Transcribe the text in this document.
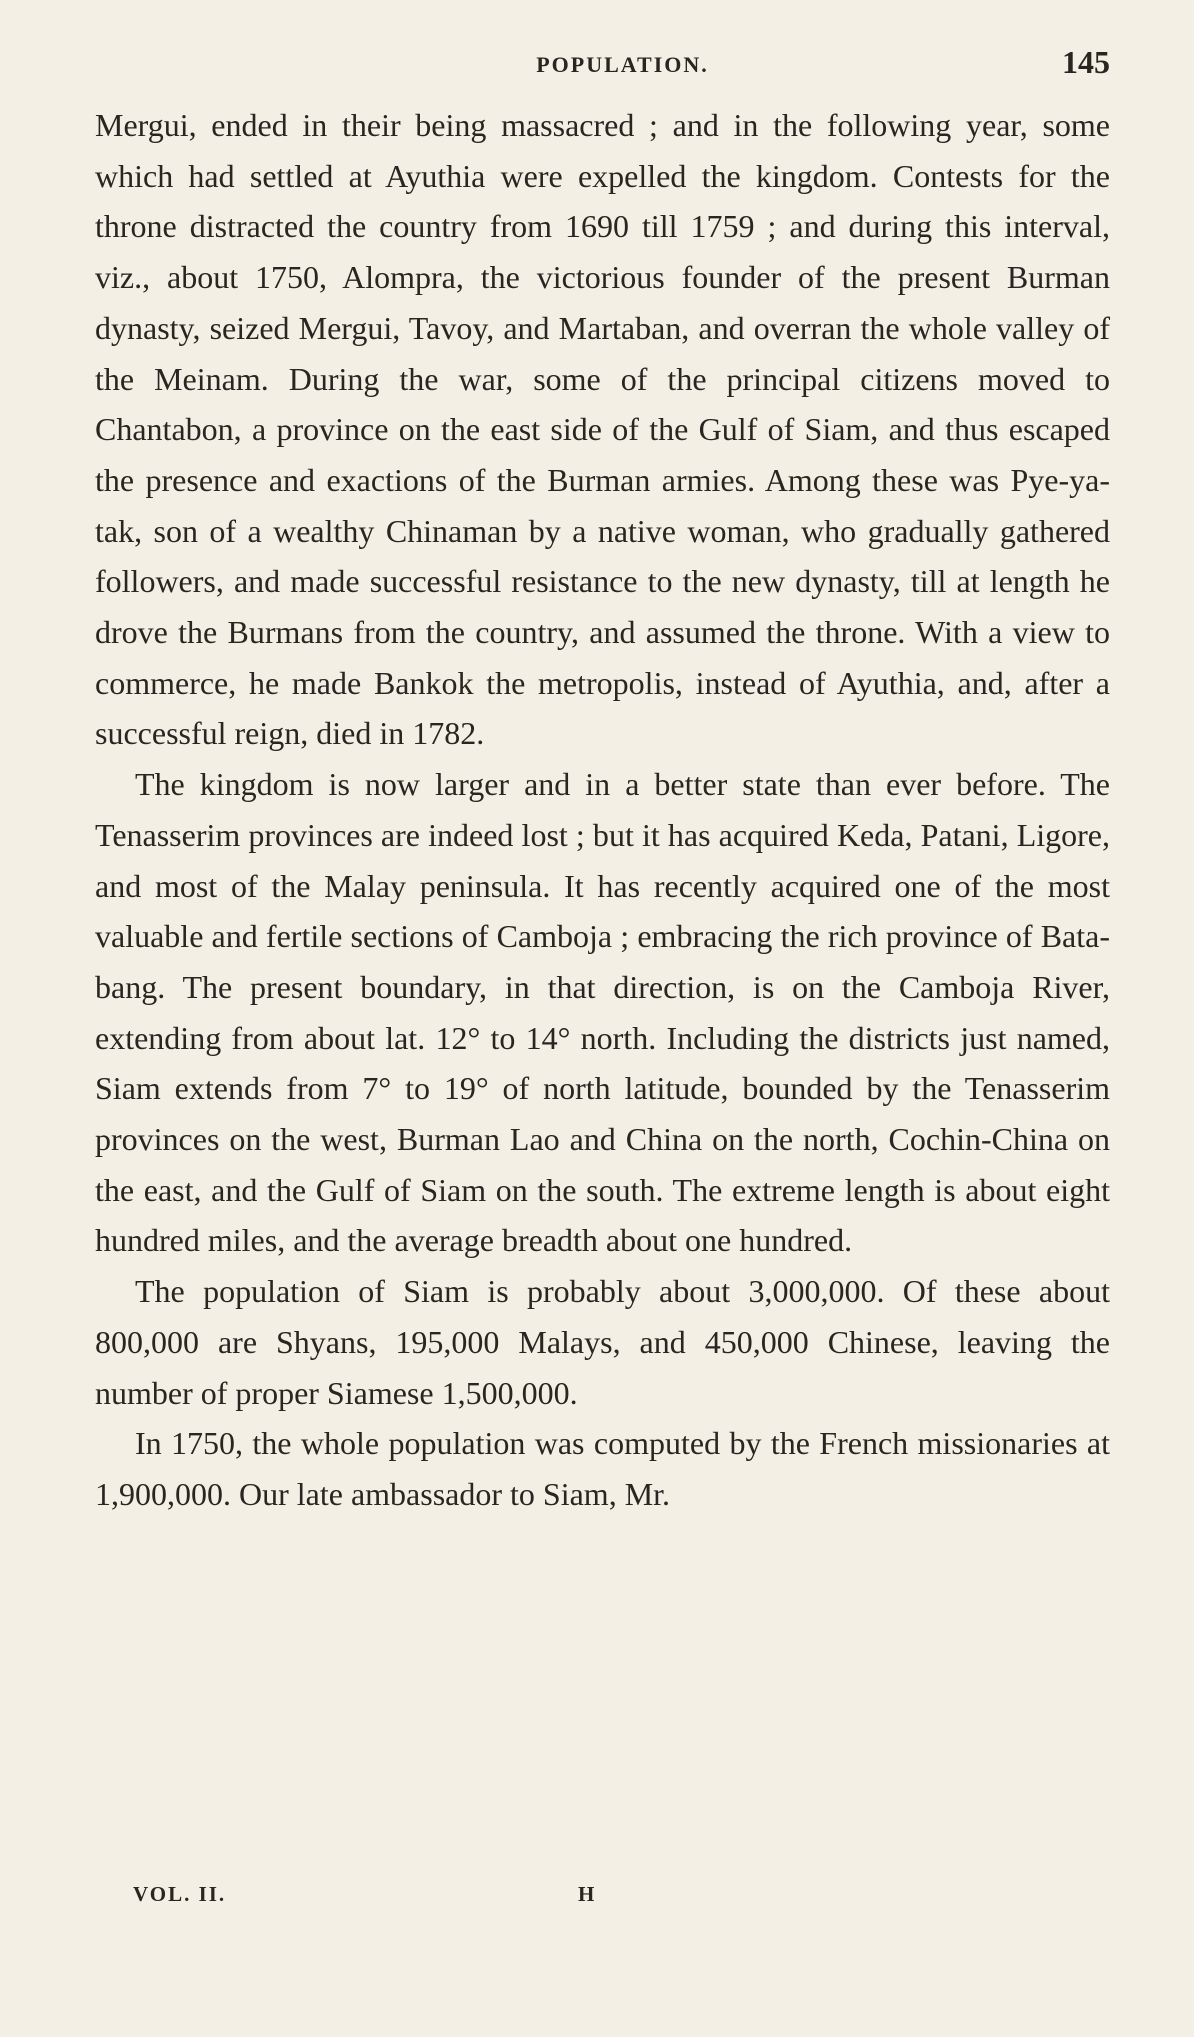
POPULATION.	145

Mergui, ended in their being massacred ; and in the following year, some which had settled at Ayuthia were expelled the kingdom. Contests for the throne distracted the country from 1690 till 1759 ; and during this interval, viz., about 1750, Alompra, the victorious founder of the present Burman dynasty, seized Mergui, Tavoy, and Martaban, and overran the whole valley of the Meinam. During the war, some of the principal citizens moved to Chantabon, a province on the east side of the Gulf of Siam, and thus escaped the presence and exactions of the Burman armies. Among these was Pye-ya-tak, son of a wealthy Chinaman by a native woman, who gradually gathered followers, and made successful resistance to the new dynasty, till at length he drove the Burmans from the country, and assumed the throne. With a view to commerce, he made Bankok the metropolis, instead of Ayuthia, and, after a successful reign, died in 1782.

The kingdom is now larger and in a better state than ever before. The Tenasserim provinces are indeed lost ; but it has acquired Keda, Patani, Ligore, and most of the Malay peninsula. It has recently acquired one of the most valuable and fertile sections of Camboja ; embracing the rich province of Bata-bang. The present boundary, in that direction, is on the Camboja River, extending from about lat. 12° to 14° north. Including the districts just named, Siam extends from 7° to 19° of north latitude, bounded by the Tenasserim provinces on the west, Burman Lao and China on the north, Cochin-China on the east, and the Gulf of Siam on the south. The extreme length is about eight hundred miles, and the average breadth about one hundred.

The population of Siam is probably about 3,000,000. Of these about 800,000 are Shyans, 195,000 Malays, and 450,000 Chinese, leaving the number of proper Siamese 1,500,000.

In 1750, the whole population was computed by the French missionaries at 1,900,000. Our late ambassador to Siam, Mr.

VOL. II.	H
